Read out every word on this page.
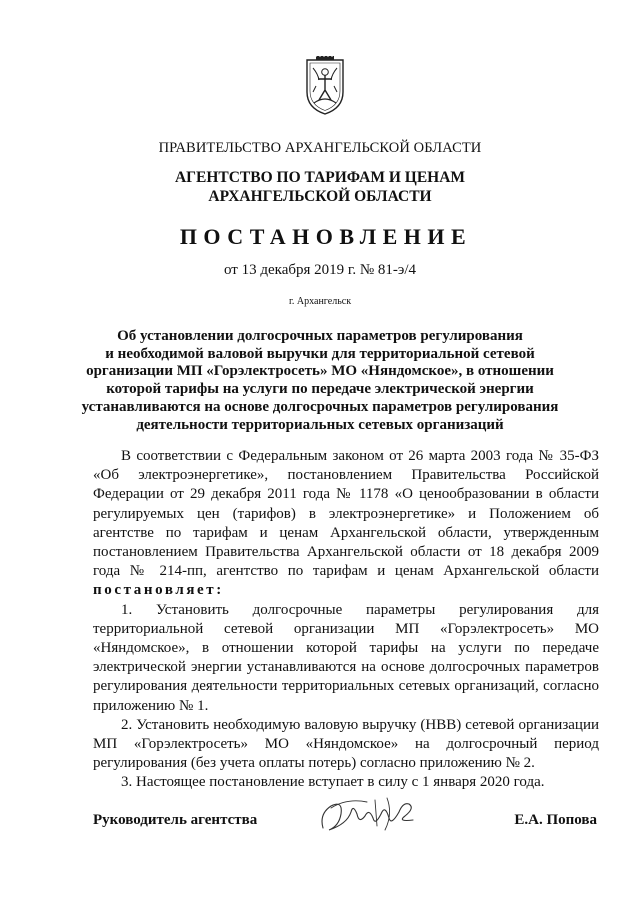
ПРАВИТЕЛЬСТВО АРХАНГЕЛЬСКОЙ ОБЛАСТИ
АГЕНТСТВО ПО ТАРИФАМ И ЦЕНАМ
АРХАНГЕЛЬСКОЙ ОБЛАСТИ
ПОСТАНОВЛЕНИЕ
от 13 декабря 2019 г. № 81-э/4
г. Архангельск
Об установлении долгосрочных параметров регулирования
и необходимой валовой выручки для территориальной сетевой
организации МП «Горэлектросеть» МО «Няндомское», в отношении
которой тарифы на услуги по передаче электрической энергии
устанавливаются на основе долгосрочных параметров регулирования
деятельности территориальных сетевых организаций

В соответствии с Федеральным законом от 26 марта 2003 года № 35-ФЗ «Об электроэнергетике», постановлением Правительства Российской Федерации от 29 декабря 2011 года № 1178 «О ценообразовании в области регулируемых цен (тарифов) в электроэнергетике» и Положением об агентстве по тарифам и ценам Архангельской области, утвержденным постановлением Правительства Архангельской области от 18 декабря 2009 года № 214-пп, агентство по тарифам и ценам Архангельской области постановляет:

1. Установить долгосрочные параметры регулирования для территориальной сетевой организации МП «Горэлектросеть» МО «Няндомское», в отношении которой тарифы на услуги по передаче электрической энергии устанавливаются на основе долгосрочных параметров регулирования деятельности территориальных сетевых организаций, согласно приложению № 1.

2. Установить необходимую валовую выручку (НВВ) сетевой организации МП «Горэлектросеть» МО «Няндомское» на долгосрочный период регулирования (без учета оплаты потерь) согласно приложению № 2.

3. Настоящее постановление вступает в силу с 1 января 2020 года.

Руководитель агентства	Е.А. Попова
